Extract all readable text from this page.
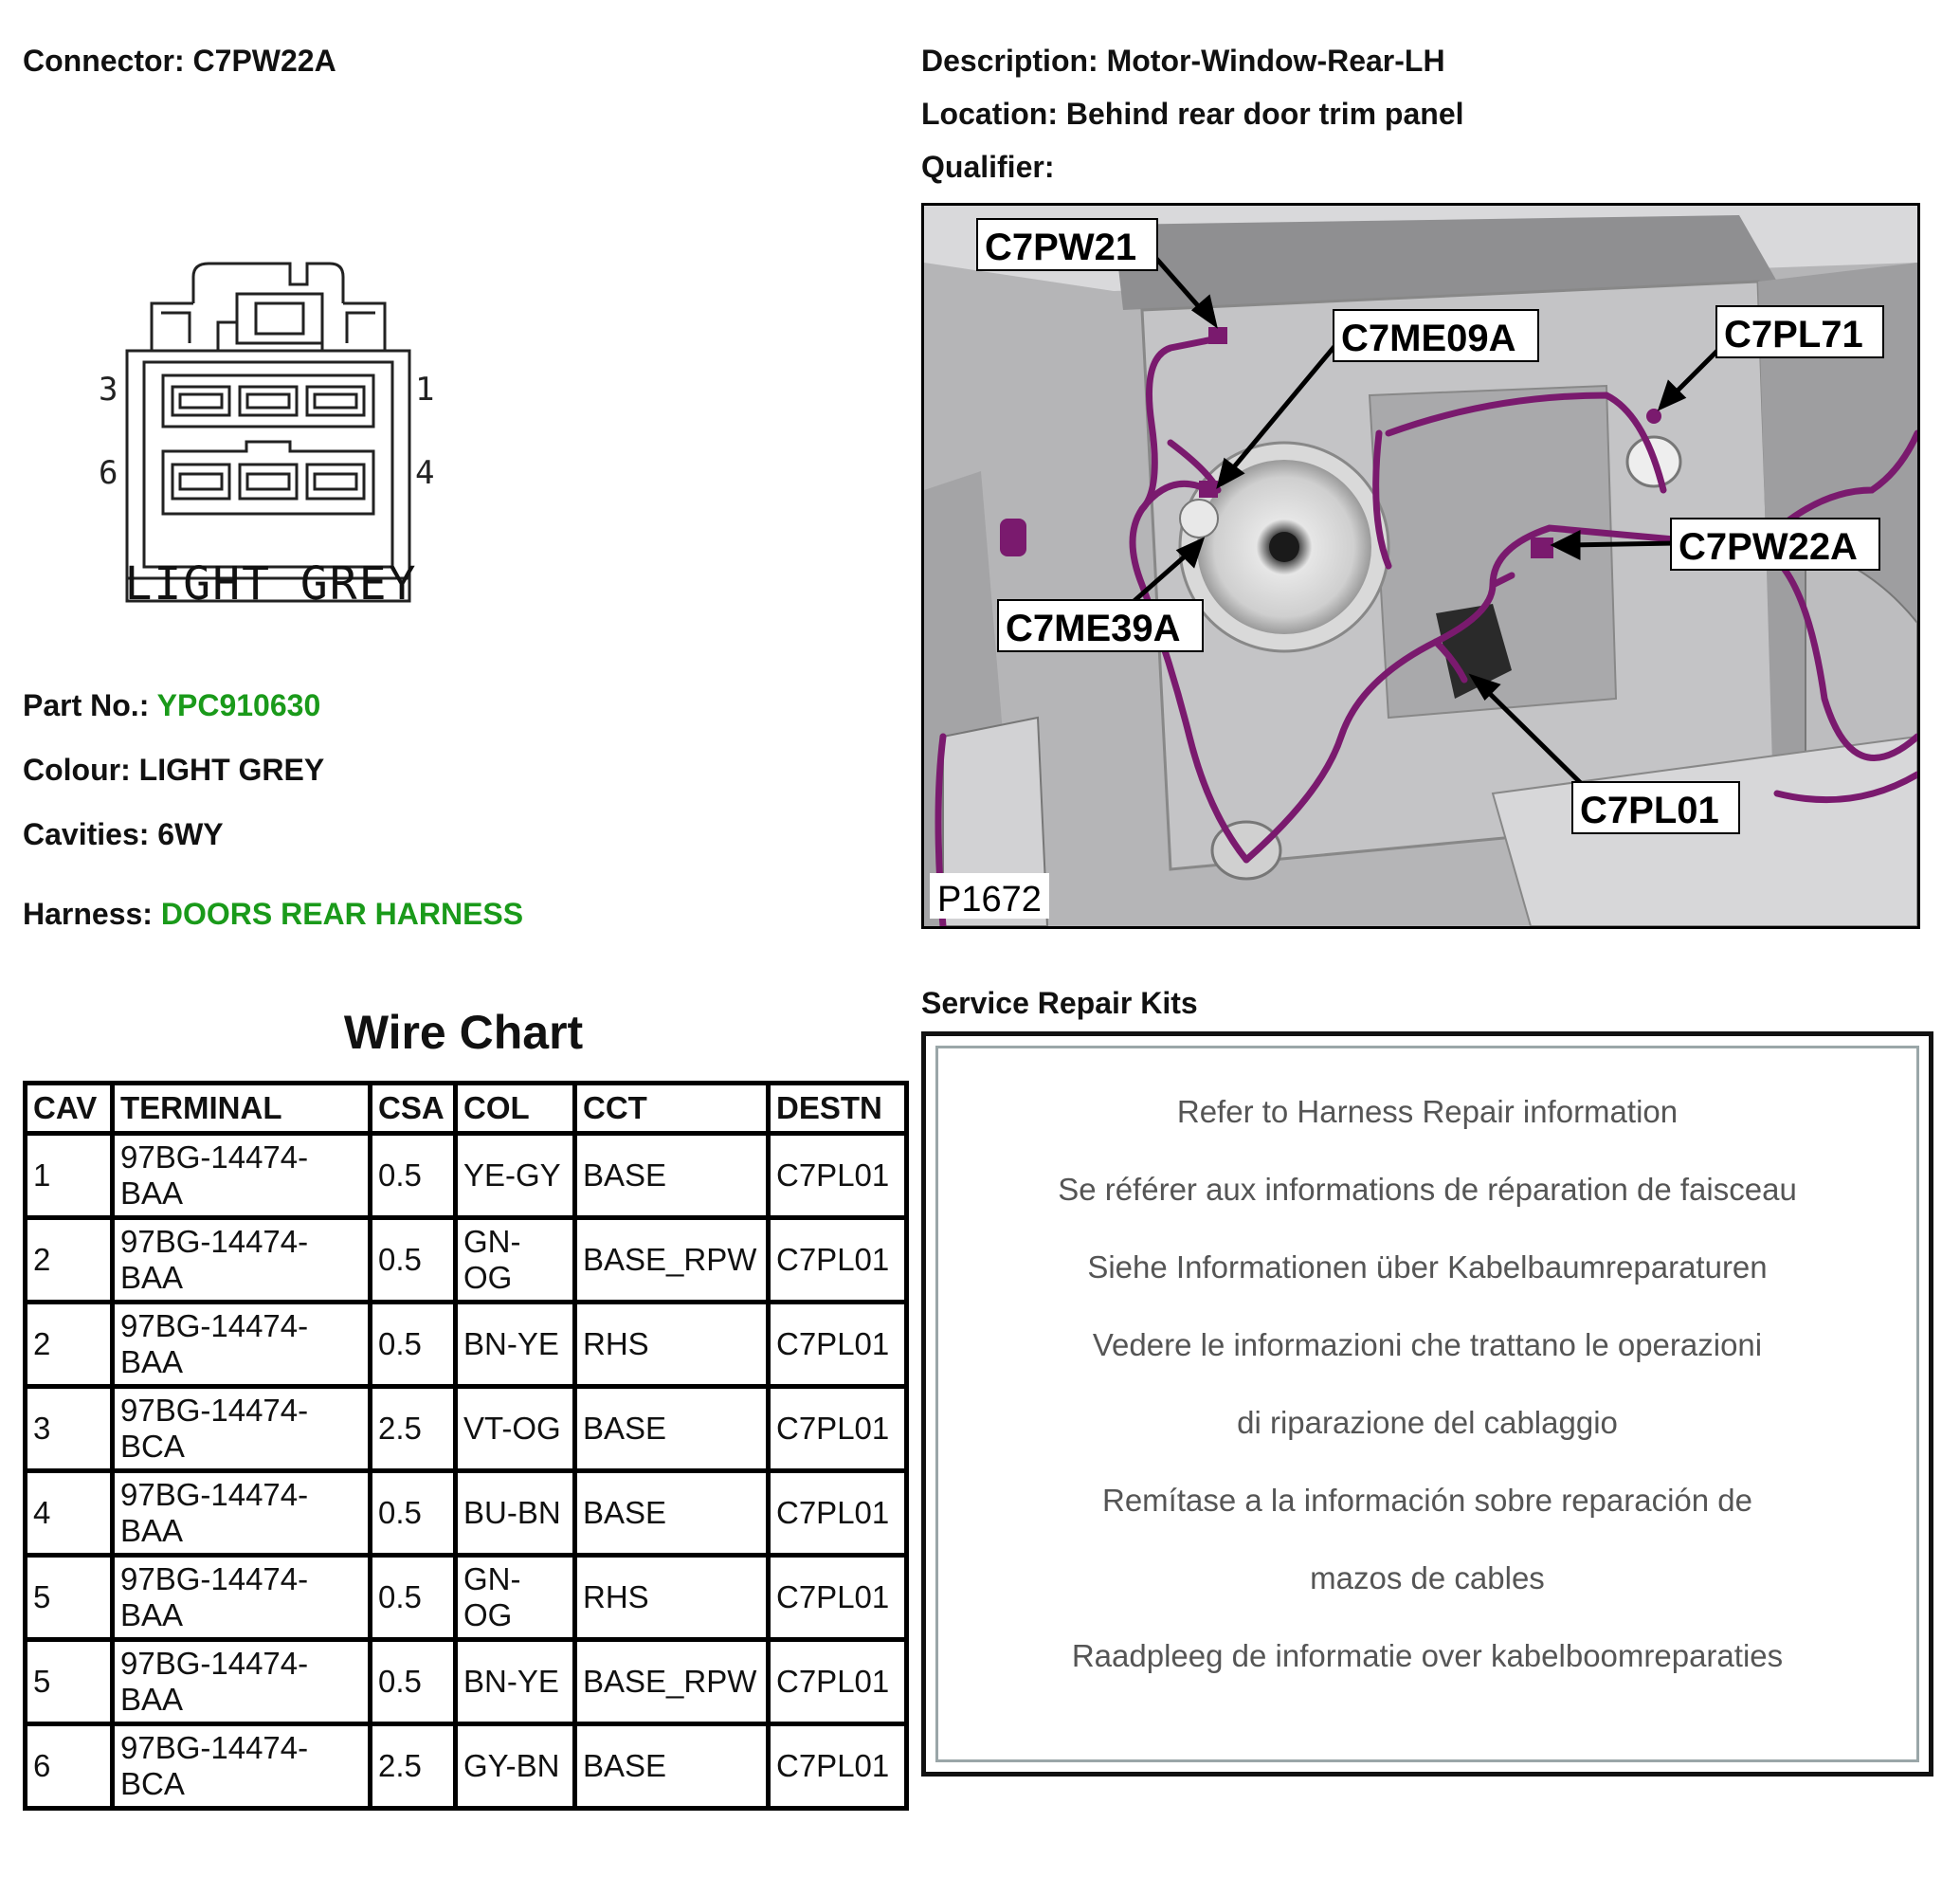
Connector: C7PW22A	Description: Motor-Window-Rear-LH
Location: Behind rear door trim panel
Qualifier:
3	1
6	4
LIGHT GREY
Part No.: YPC910630
Colour: LIGHT GREY
Cavities: 6WY
Harness: DOORS REAR HARNESS
Wire Chart
CAV	TERMINAL	CSA	COL	CCT	DESTN
1	97BG-14474-BAA	0.5	YE-GY	BASE	C7PL01
2	97BG-14474-BAA	0.5	GN-OG	BASE_RPW	C7PL01
2	97BG-14474-BAA	0.5	BN-YE	RHS	C7PL01
3	97BG-14474-BCA	2.5	VT-OG	BASE	C7PL01
4	97BG-14474-BAA	0.5	BU-BN	BASE	C7PL01
5	97BG-14474-BAA	0.5	GN-OG	RHS	C7PL01
5	97BG-14474-BAA	0.5	BN-YE	BASE_RPW	C7PL01
6	97BG-14474-BCA	2.5	GY-BN	BASE	C7PL01
C7PW21
C7ME09A	C7PL71
C7PW22A
C7ME39A
C7PL01
P1672
Service Repair Kits
Refer to Harness Repair information
Se référer aux informations de réparation de faisceau
Siehe Informationen über Kabelbaumreparaturen
Vedere le informazioni che trattano le operazioni
di riparazione del cablaggio
Remítase a la información sobre reparación de
mazos de cables
Raadpleeg de informatie over kabelboomreparaties
